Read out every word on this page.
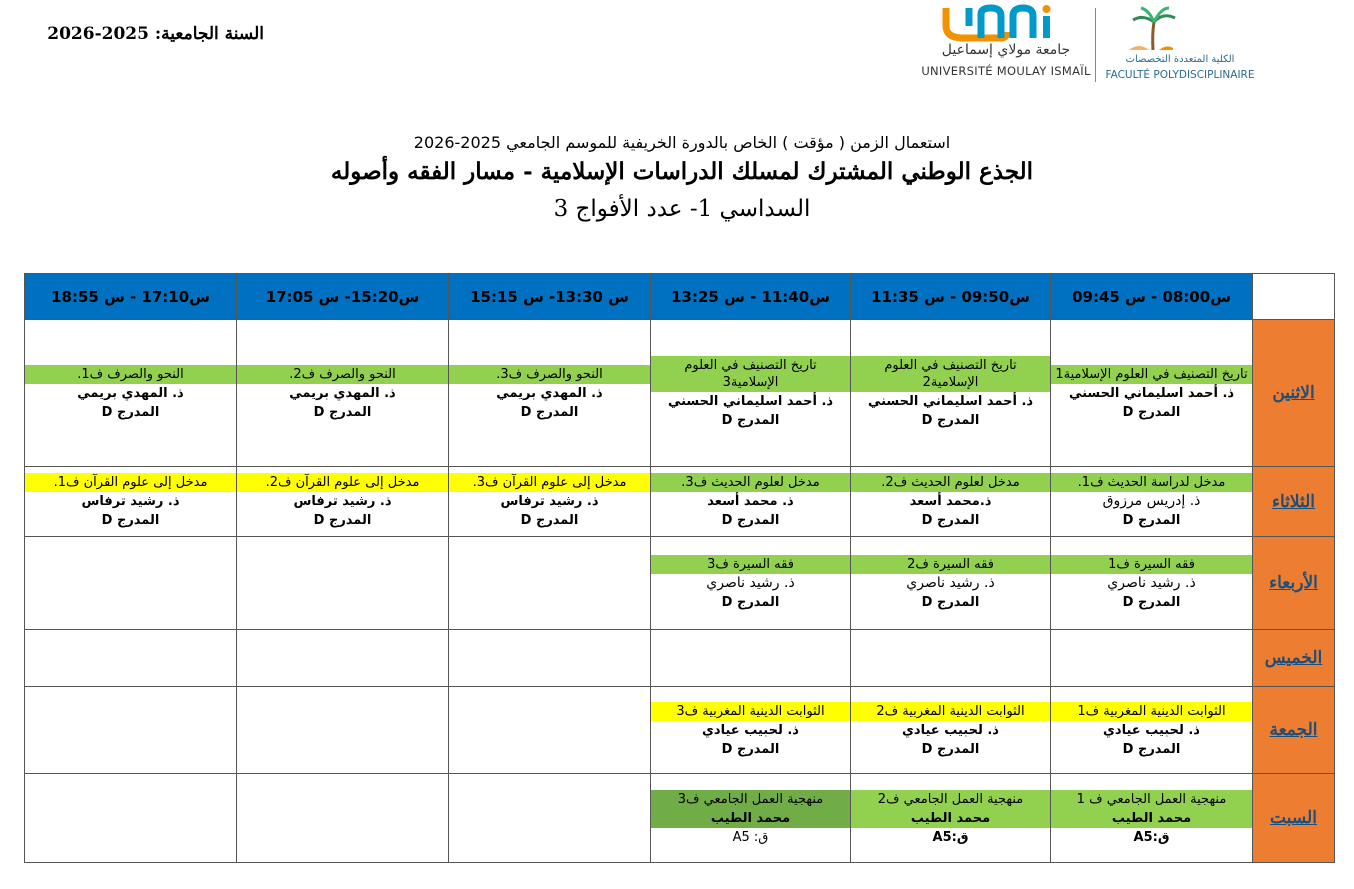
السنة الجامعية: 2025-2026
جامعة مولاي إسماعيل
UNIVERSITÉ MOULAY ISMAÏL
الكلية المتعددة التخصصات
FACULTÉ POLYDISCIPLINAIRE
استعمال الزمن ( مؤقت ) الخاص بالدورة الخريفية للموسم الجامعي 2025-2026
الجذع الوطني المشترك لمسلك الدراسات الإسلامية - مسار الفقه وأصوله
السداسي 1- عدد الأفواج 3
س17:10 - س 18:55	س15:20- س 17:05	س 13:30- س 15:15	س11:40 - س 13:25	س09:50 - س 11:35	س08:00 - س 09:45	

النحو والصرف ف1.
ذ. المهدي بريمي
المدرج D	النحو والصرف ف2.
ذ. المهدي بريمي
المدرج D	النحو والصرف ف3.
ذ. المهدي بريمي
المدرج D	تاريخ التصنيف في العلوم الإسلامية3
ذ. أحمد اسليماني الحسني
المدرج D	تاريخ التصنيف في العلوم الإسلامية2
ذ. أحمد اسليماني الحسني
المدرج D	تاريخ التصنيف في العلوم الإسلامية1
ذ. أحمد اسليماني الحسني
المدرج D	الاثنين

مدخل إلى علوم القرآن ف1.
ذ. رشيد ترفاس
المدرج D	مدخل إلى علوم القرآن ف2.
ذ. رشيد ترفاس
المدرج D	مدخل إلى علوم القرآن ف3.
ذ. رشيد ترفاس
المدرج D	مدخل لعلوم الحديث ف3.
ذ. محمد أسعد
المدرج D	مدخل لعلوم الحديث ف2.
ذ.محمد أسعد
المدرج D	مدخل لدراسة الحديث ف1.
ذ. إدريس مرزوق
المدرج D	الثلاثاء

			فقه السيرة ف3
ذ. رشيد ناصري
المدرج D	فقه السيرة ف2
ذ. رشيد ناصري
المدرج D	فقه السيرة ف1
ذ. رشيد ناصري
المدرج D	الأربعاء
						الخميس

			الثوابت الدينية المغربية ف3
ذ. لحبيب عيادي
المدرج D	الثوابت الدينية المغربية ف2
ذ. لحبيب عيادي
المدرج D	الثوابت الدينية المغربية ف1
ذ. لحبيب عيادي
المدرج D	الجمعة

			منهجية العمل الجامعي ف3
محمد الطيب
ق: A5	منهجية العمل الجامعي ف2
محمد الطيب
ق:A5	منهجية العمل الجامعي ف 1
محمد الطيب
ق:A5	السبت
